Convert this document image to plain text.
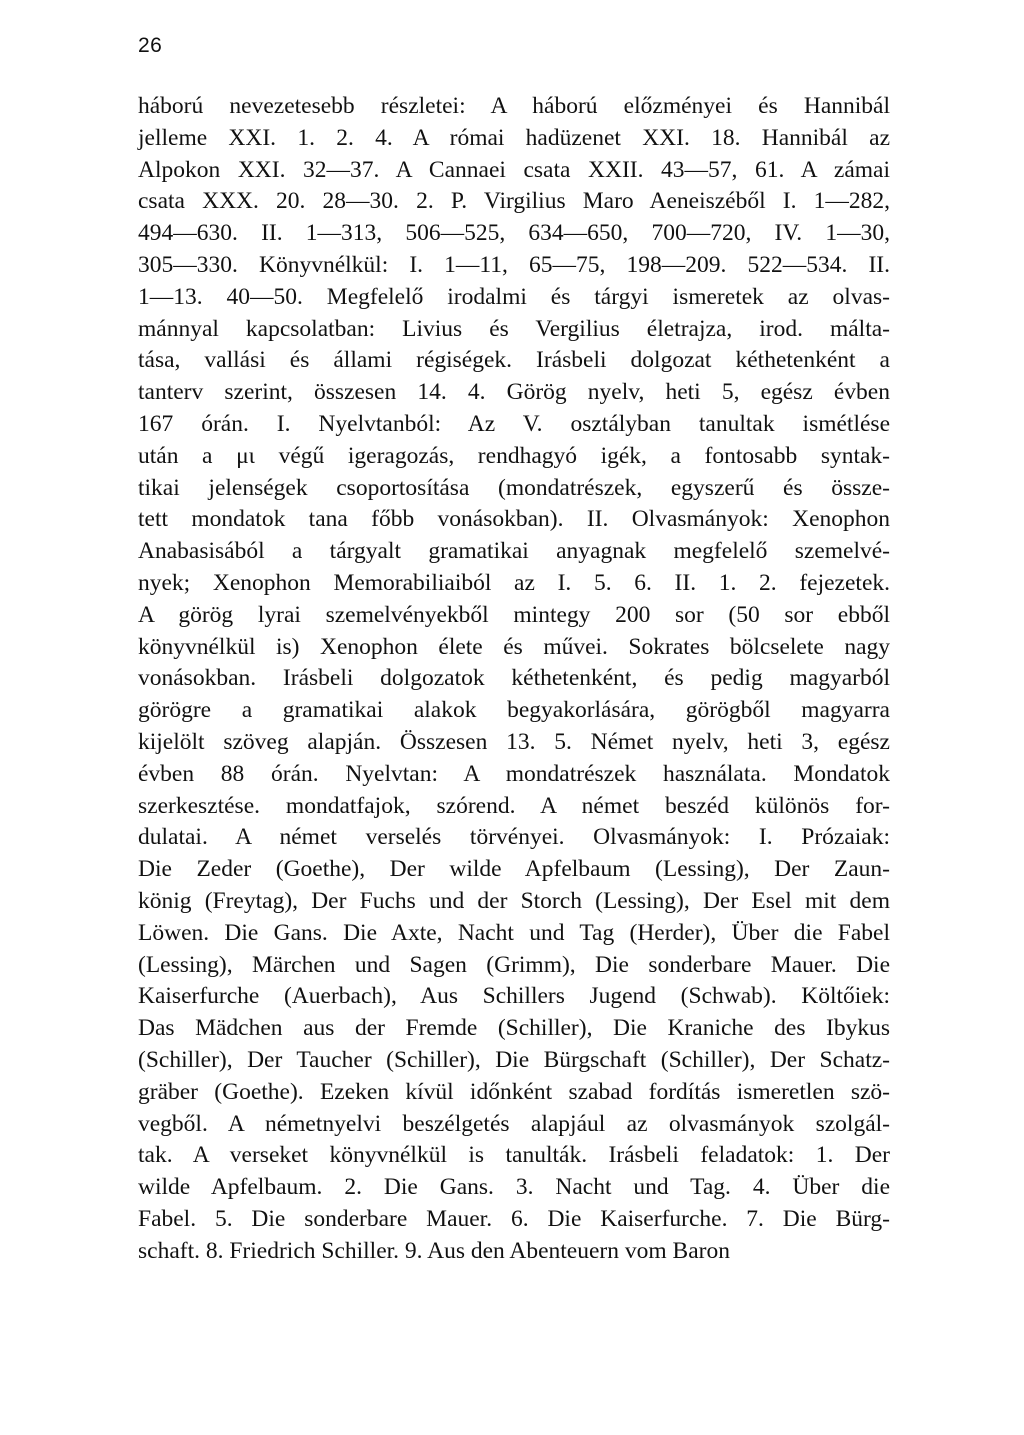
26
háború nevezetesebb részletei: A háború előzményei és Hannibál
jelleme XXI. 1. 2. 4. A római hadüzenet XXI. 18. Hannibál az
Alpokon XXI. 32—37. A Cannaei csata XXII. 43—57, 61. A zámai
csata XXX. 20. 28—30. 2. P. Virgilius Maro Aeneiszéből I. 1—282,
494—630. II. 1—313, 506—525, 634—650, 700—720, IV. 1—30,
305—330. Könyvnélkül: I. 1—11, 65—75, 198—209. 522—534. II.
1—13. 40—50. Megfelelő irodalmi és tárgyi ismeretek az olvas-
mánnyal kapcsolatban: Livius és Vergilius életrajza, irod. málta-
tása, vallási és állami régiségek. Irásbeli dolgozat kéthetenként a
tanterv szerint, összesen 14. 4. Görög nyelv, heti 5, egész évben
167 órán. I. Nyelvtanból: Az V. osztályban tanultak ismétlése
után a μι végű igeragozás, rendhagyó igék, a fontosabb syntak-
tikai jelenségek csoportosítása (mondatrészek, egyszerű és össze-
tett mondatok tana főbb vonásokban). II. Olvasmányok: Xenophon
Anabasisából a tárgyalt gramatikai anyagnak megfelelő szemelvé-
nyek; Xenophon Memorabiliaiból az I. 5. 6. II. 1. 2. fejezetek.
A görög lyrai szemelvényekből mintegy 200 sor (50 sor ebből
könyvnélkül is) Xenophon élete és művei. Sokrates bölcselete nagy
vonásokban. Irásbeli dolgozatok kéthetenként, és pedig magyarból
görögre a gramatikai alakok begyakorlására, görögből magyarra
kijelölt szöveg alapján. Összesen 13. 5. Német nyelv, heti 3, egész
évben 88 órán. Nyelvtan: A mondatrészek használata. Mondatok
szerkesztése. mondatfajok, szórend. A német beszéd különös for-
dulatai. A német verselés törvényei. Olvasmányok: I. Prózaiak:
Die Zeder (Goethe), Der wilde Apfelbaum (Lessing), Der Zaun-
könig (Freytag), Der Fuchs und der Storch (Lessing), Der Esel mit dem
Löwen. Die Gans. Die Axte, Nacht und Tag (Herder), Über die Fabel
(Lessing), Märchen und Sagen (Grimm), Die sonderbare Mauer. Die
Kaiserfurche (Auerbach), Aus Schillers Jugend (Schwab). Költőiek:
Das Mädchen aus der Fremde (Schiller), Die Kraniche des Ibykus
(Schiller), Der Taucher (Schiller), Die Bürgschaft (Schiller), Der Schatz-
gräber (Goethe). Ezeken kívül időnként szabad fordítás ismeretlen szö-
vegből. A németnyelvi beszélgetés alapjául az olvasmányok szolgál-
tak. A verseket könyvnélkül is tanulták. Irásbeli feladatok: 1. Der
wilde Apfelbaum. 2. Die Gans. 3. Nacht und Tag. 4. Über die
Fabel. 5. Die sonderbare Mauer. 6. Die Kaiserfurche. 7. Die Bürg-
schaft. 8. Friedrich Schiller. 9. Aus den Abenteuern vom Baron
